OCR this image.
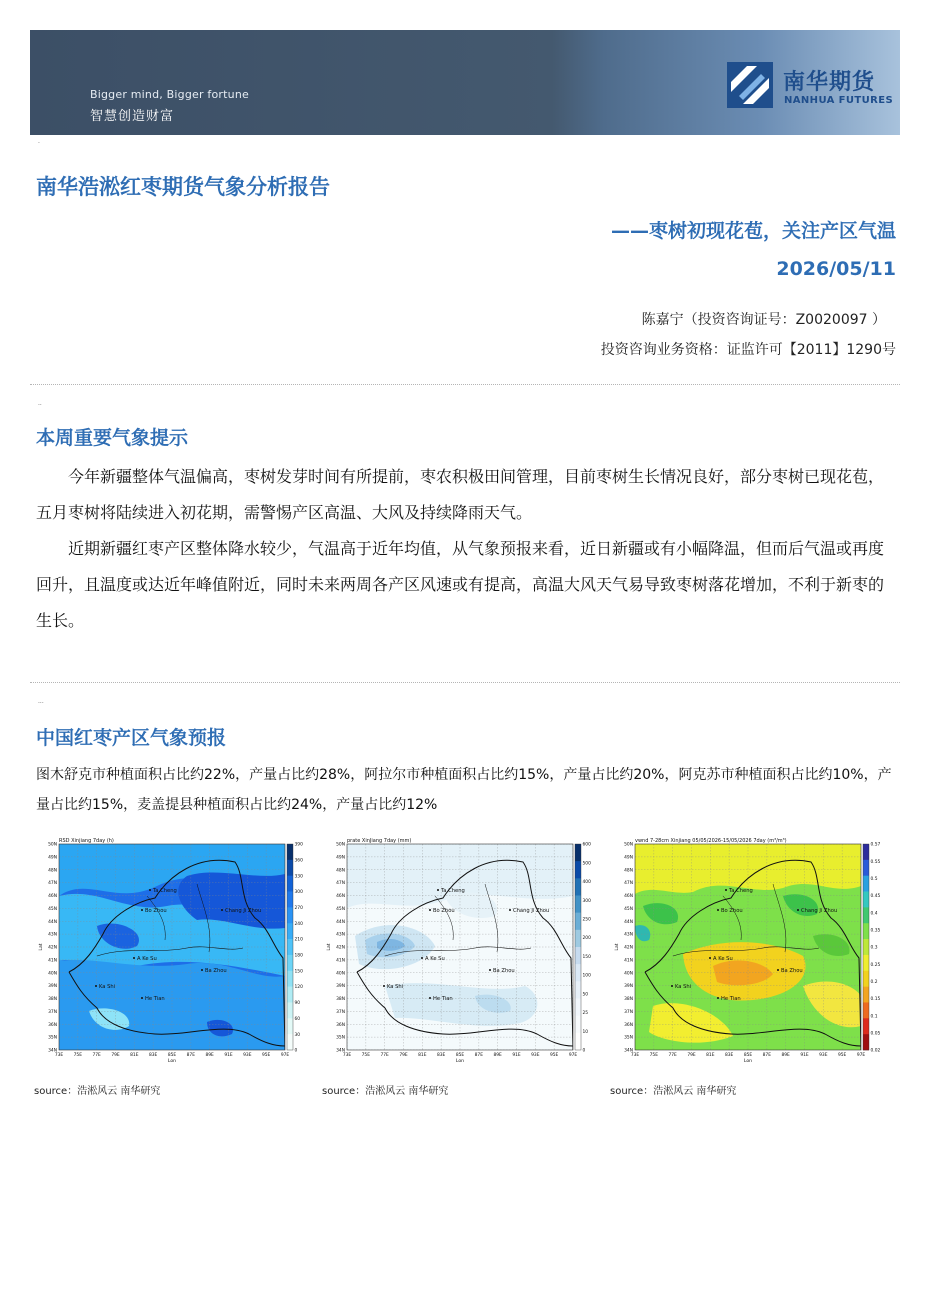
Bigger mind, Bigger fortune
智慧创造财富
南华期货
NANHUA FUTURES
·
南华浩淞红枣期货气象分析报告
——枣树初现花苞，关注产区气温
2026/05/11
陈嘉宁（投资咨询证号：Z0020097 ）
投资咨询业务资格：证监许可【2011】1290号
··
本周重要气象提示
今年新疆整体气温偏高，枣树发芽时间有所提前，枣农积极田间管理，目前枣树生长情况良好，部分枣树已现花苞，五月枣树将陆续进入初花期，需警惕产区高温、大风及持续降雨天气。
近期新疆红枣产区整体降水较少，气温高于近年均值，从气象预报来看，近日新疆或有小幅降温，但而后气温或再度回升，且温度或达近年峰值附近，同时未来两周各产区风速或有提高，高温大风天气易导致枣树落花增加，不利于新枣的生长。
···
中国红枣产区气象预报
图木舒克市种植面积占比约22%，产量占比约28%，阿拉尔市种植面积占比约15%，产量占比约20%，阿克苏市种植面积占比约10%，产量占比约15%，麦盖提县种植面积占比约24%，产量占比约12%
Ta Cheng
Bo Zhou	Chang Ji Zhou
A Ke Su
Ba Zhou
Ka Shi
He Tian
RSD Xinjiang 7day (h)
50N
49N
48N
47N
46N
45N
44N
43N
42N
41N
40N
39N
38N
37N
36N
35N
34N
73E 75E 77E 79E 81E 83E 85E 87E 89E 91E 93E 95E 97E
Lon
Lat
390
360
330
300
270
240
210
180
150
120
90
60
30
0
Ta Cheng
Bo Zhou	Chang Ji Zhou
A Ke Su
Ba Zhou
Ka Shi
He Tian
prate XinJiang 7day (mm)
50N
49N
48N
47N
46N
45N
44N
43N
42N
41N
40N
39N
38N
37N
36N
35N
34N
73E 75E 77E 79E 81E 83E 85E 87E 89E 91E 93E 95E 97E
Lon
Lat
600
500
400
300
250
200
150
100
50
25
10
0
Ta Cheng
Bo Zhou	Chang Ji Zhou
A Ke Su
Ba Zhou
Ka Shi
He Tian
vwnd 7-28cm Xinjiang 05/05/2026-15/05/2026 7day (m³/m³)
50N
49N
48N
47N
46N
45N
44N
43N
42N
41N
40N
39N
38N
37N
36N
35N
34N
73E 75E 77E 79E 81E 83E 85E 87E 89E 91E 93E 95E 97E
Lon
Lat
0.57
0.55
0.5
0.45
0.4
0.35
0.3
0.25
0.2
0.15
0.1
0.05
0.02
source：浩淞风云 南华研究	source：浩淞风云 南华研究	source：浩淞风云 南华研究
